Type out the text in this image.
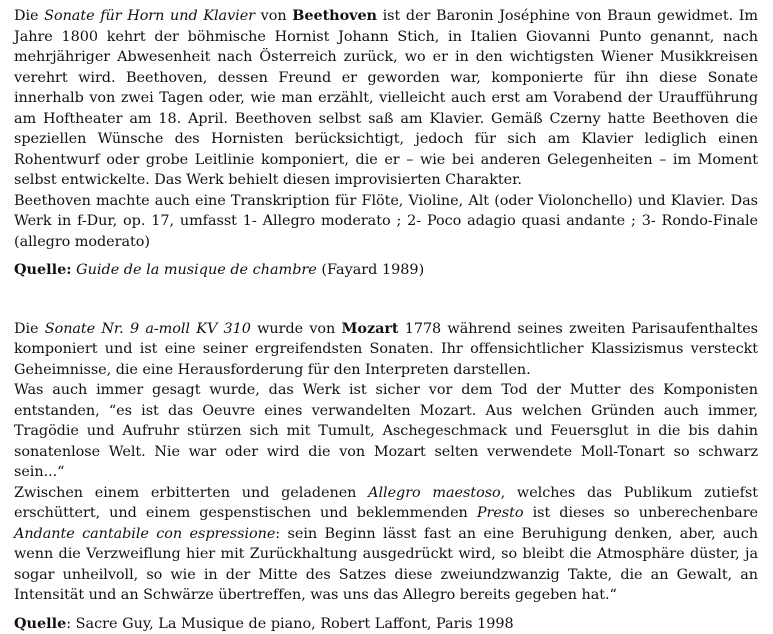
Die Sonate für Horn und Klavier von Beethoven ist der Baronin Joséphine von Braun gewidmet. Im Jahre 1800 kehrt der böhmische Hornist Johann Stich, in Italien Giovanni Punto genannt, nach mehrjähriger Abwesenheit nach Österreich zurück, wo er in den wichtigsten Wiener Musikkreisen verehrt wird. Beethoven, dessen Freund er geworden war, komponierte für ihn diese Sonate innerhalb von zwei Tagen oder, wie man erzählt, vielleicht auch erst am Vorabend der Uraufführung am Hoftheater am 18. April. Beethoven selbst saß am Klavier. Gemäß Czerny hatte Beethoven die speziellen Wünsche des Hornisten berücksichtigt, jedoch für sich am Klavier lediglich einen Rohentwurf oder grobe Leitlinie komponiert, die er – wie bei anderen Gelegenheiten – im Moment selbst entwickelte. Das Werk behielt diesen improvisierten Charakter.

Beethoven machte auch eine Transkription für Flöte, Violine, Alt (oder Violonchello) und Klavier. Das Werk in f-Dur, op. 17, umfasst 1- Allegro moderato ; 2- Poco adagio quasi andante ; 3- Rondo-Finale (allegro moderato)

Quelle: Guide de la musique de chambre (Fayard 1989)

Die Sonate Nr. 9 a-moll KV 310 wurde von Mozart 1778 während seines zweiten Parisaufenthaltes komponiert und ist eine seiner ergreifendsten Sonaten. Ihr offensichtlicher Klassizismus versteckt Geheimnisse, die eine Herausforderung für den Interpreten darstellen.

Was auch immer gesagt wurde, das Werk ist sicher vor dem Tod der Mutter des Komponisten entstanden, “es ist das Oeuvre eines verwandelten Mozart. Aus welchen Gründen auch immer, Tragödie und Aufruhr stürzen sich mit Tumult, Aschegeschmack und Feuersglut in die bis dahin sonatenlose Welt. Nie war oder wird die von Mozart selten verwendete Moll-Tonart so schwarz sein...“

Zwischen einem erbitterten und geladenen Allegro maestoso, welches das Publikum zutiefst erschüttert, und einem gespenstischen und beklemmenden Presto ist dieses so unberechenbare Andante cantabile con espressione: sein Beginn lässt fast an eine Beruhigung denken, aber, auch wenn die Verzweiflung hier mit Zurückhaltung ausgedrückt wird, so bleibt die Atmosphäre düster, ja sogar unheilvoll, so wie in der Mitte des Satzes diese zweiundzwanzig Takte, die an Gewalt, an Intensität und an Schwärze übertreffen, was uns das Allegro bereits gegeben hat.“

Quelle: Sacre Guy, La Musique de piano, Robert Laffont, Paris 1998
